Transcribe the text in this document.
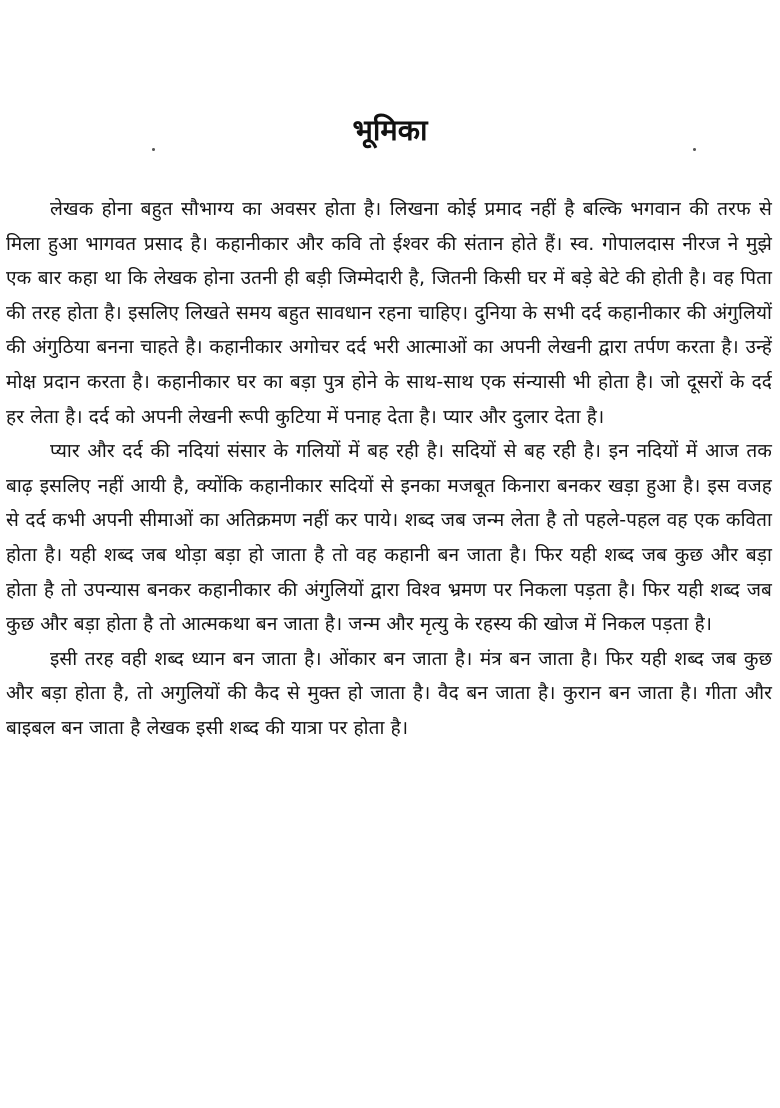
भूमिका

लेखक होना बहुत सौभाग्य का अवसर होता है। लिखना कोई प्रमाद नहीं है बल्कि भगवान की तरफ से मिला हुआ भागवत प्रसाद है। कहानीकार और कवि तो ईश्वर की संतान होते हैं। स्व. गोपालदास नीरज ने मुझे एक बार कहा था कि लेखक होना उतनी ही बड़ी जिम्मेदारी है, जितनी किसी घर में बड़े बेटे की होती है। वह पिता की तरह होता है। इसलिए लिखते समय बहुत सावधान रहना चाहिए। दुनिया के सभी दर्द कहानीकार की अंगुलियों की अंगुठिया बनना चाहते है। कहानीकार अगोचर दर्द भरी आत्माओं का अपनी लेखनी द्वारा तर्पण करता है। उन्हें मोक्ष प्रदान करता है। कहानीकार घर का बड़ा पुत्र होने के साथ-साथ एक संन्यासी भी होता है। जो दूसरों के दर्द हर लेता है। दर्द को अपनी लेखनी रूपी कुटिया में पनाह देता है। प्यार और दुलार देता है।

प्यार और दर्द की नदियां संसार के गलियों में बह रही है। सदियों से बह रही है। इन नदियों में आज तक बाढ़ इसलिए नहीं आयी है, क्योंकि कहानीकार सदियों से इनका मजबूत किनारा बनकर खड़ा हुआ है। इस वजह से दर्द कभी अपनी सीमाओं का अतिक्रमण नहीं कर पाये। शब्द जब जन्म लेता है तो पहले-पहल वह एक कविता होता है। यही शब्द जब थोड़ा बड़ा हो जाता है तो वह कहानी बन जाता है। फिर यही शब्द जब कुछ और बड़ा होता है तो उपन्यास बनकर कहानीकार की अंगुलियों द्वारा विश्व भ्रमण पर निकला पड़ता है। फिर यही शब्द जब कुछ और बड़ा होता है तो आत्मकथा बन जाता है। जन्म और मृत्यु के रहस्य की खोज में निकल पड़ता है।

इसी तरह वही शब्द ध्यान बन जाता है। ओंकार बन जाता है। मंत्र बन जाता है। फिर यही शब्द जब कुछ और बड़ा होता है, तो अगुलियों की कैद से मुक्त हो जाता है। वैद बन जाता है। कुरान बन जाता है। गीता और बाइबल बन जाता है लेखक इसी शब्द की यात्रा पर होता है।
